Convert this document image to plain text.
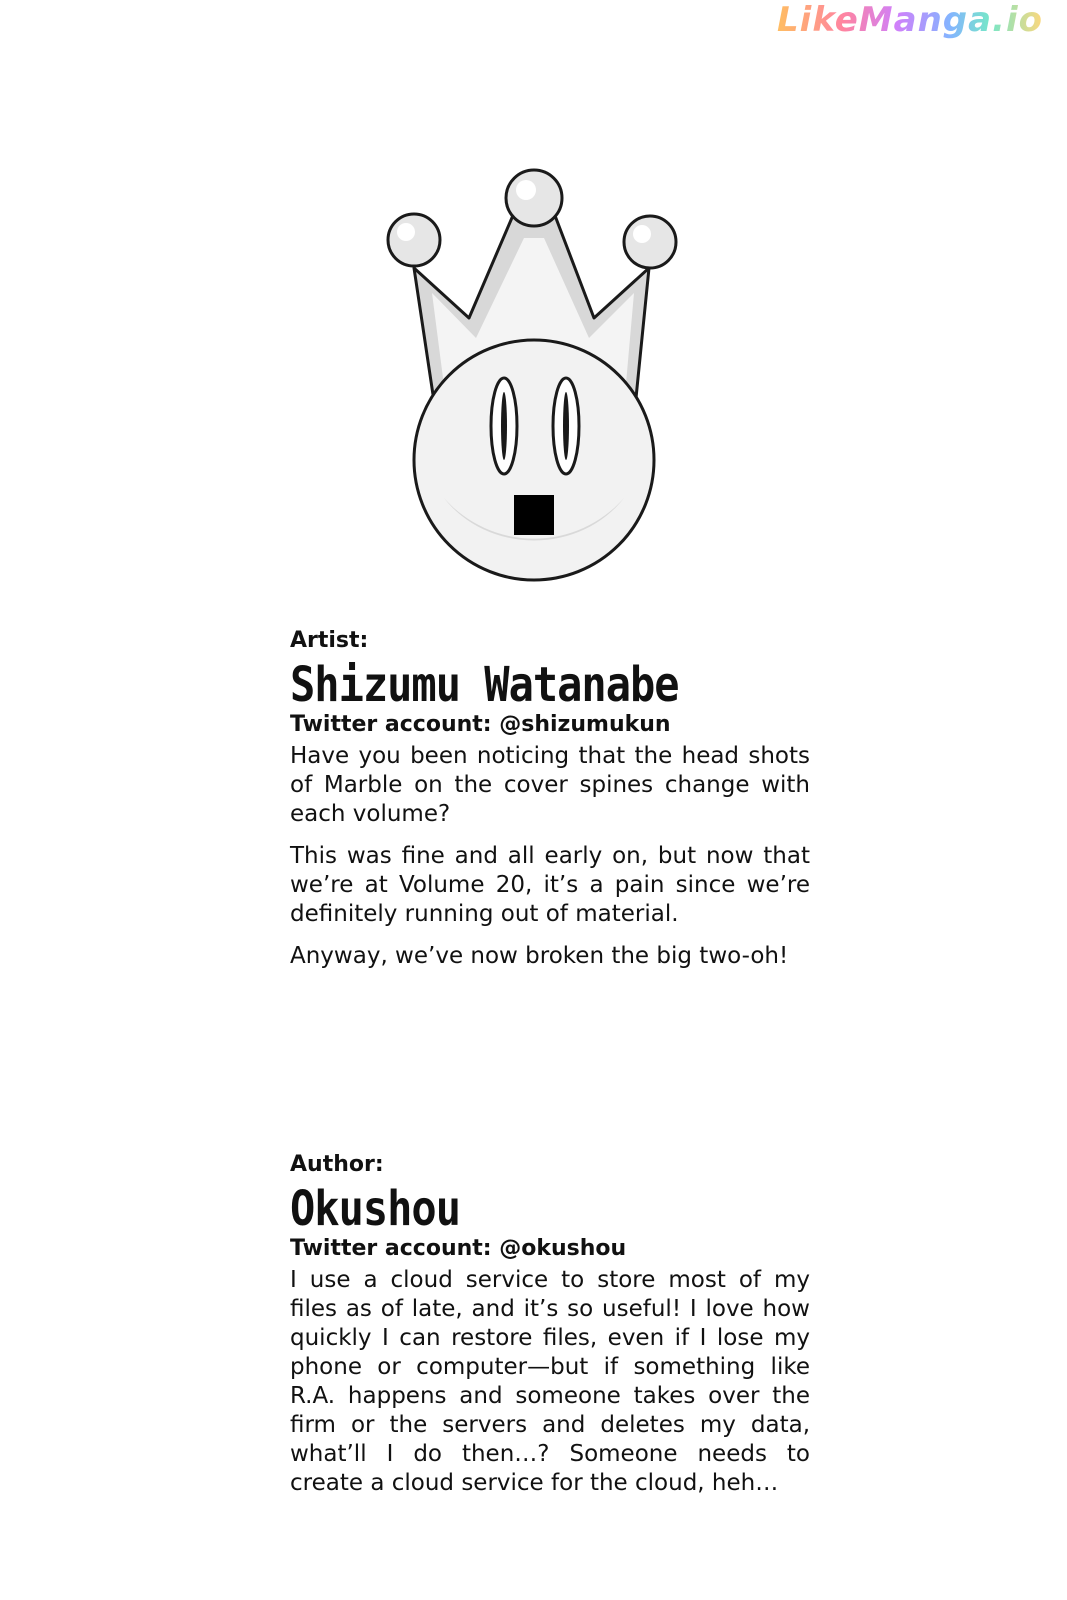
LikeManga.io

Artist:

Shizumu Watanabe

Twitter account: @shizumukun

Have you been noticing that the head shots of Marble on the cover spines change with each volume?

This was fine and all early on, but now that we’re at Volume 20, it’s a pain since we’re definitely running out of material.

Anyway, we’ve now broken the big two-oh!

Author:

Okushou

Twitter account: @okushou

I use a cloud service to store most of my files as of late, and it’s so useful! I love how quickly I can restore files, even if I lose my phone or computer—but if something like R.A. happens and someone takes over the firm or the servers and deletes my data, what’ll I do then…? Someone needs to create a cloud service for the cloud, heh…
